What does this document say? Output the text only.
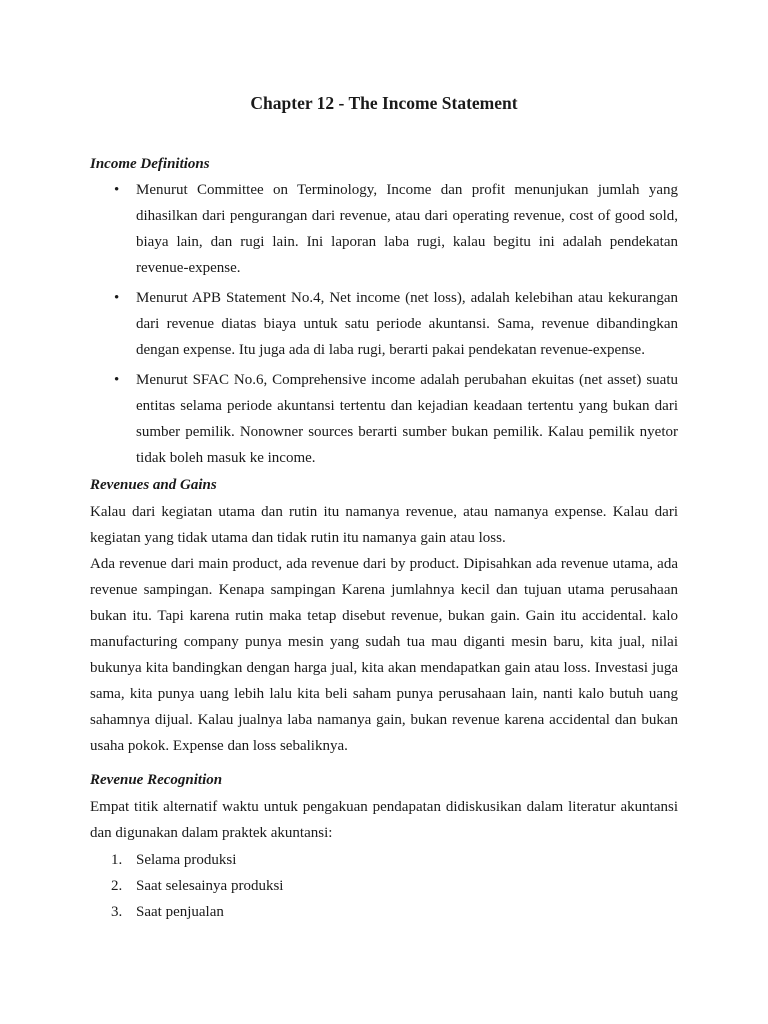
Chapter 12 - The Income Statement
Income Definitions
•	Menurut Committee on Terminology, Income dan profit menunjukan jumlah yang dihasilkan dari pengurangan dari revenue, atau dari operating revenue, cost of good sold, biaya lain, dan rugi lain. Ini laporan laba rugi, kalau begitu ini adalah pendekatan revenue-expense.
•	Menurut APB Statement No.4, Net income (net loss), adalah kelebihan atau kekurangan dari revenue diatas biaya untuk satu periode akuntansi. Sama, revenue dibandingkan dengan expense. Itu juga ada di laba rugi, berarti pakai pendekatan revenue-expense.
•	Menurut SFAC No.6, Comprehensive income adalah perubahan ekuitas (net asset) suatu entitas selama periode akuntansi tertentu dan kejadian keadaan tertentu yang bukan dari sumber pemilik. Nonowner sources berarti sumber bukan pemilik. Kalau pemilik nyetor tidak boleh masuk ke income.
Revenues and Gains

Kalau dari kegiatan utama dan rutin itu namanya revenue, atau namanya expense. Kalau dari kegiatan yang tidak utama dan tidak rutin itu namanya gain atau loss.

Ada revenue dari main product, ada revenue dari by product. Dipisahkan ada revenue utama, ada revenue sampingan. Kenapa sampingan Karena jumlahnya kecil dan tujuan utama perusahaan bukan itu. Tapi karena rutin maka tetap disebut revenue, bukan gain. Gain itu accidental. kalo manufacturing company punya mesin yang sudah tua mau diganti mesin baru, kita jual, nilai bukunya kita bandingkan dengan harga jual, kita akan mendapatkan gain atau loss. Investasi juga sama, kita punya uang lebih lalu kita beli saham punya perusahaan lain, nanti kalo butuh uang sahamnya dijual. Kalau jualnya laba namanya gain, bukan revenue karena accidental dan bukan usaha pokok. Expense dan loss sebaliknya.

Revenue Recognition

Empat titik alternatif waktu untuk pengakuan pendapatan didiskusikan dalam literatur akuntansi dan digunakan dalam praktek akuntansi:

1. Selama produksi
2. Saat selesainya produksi
3. Saat penjualan
